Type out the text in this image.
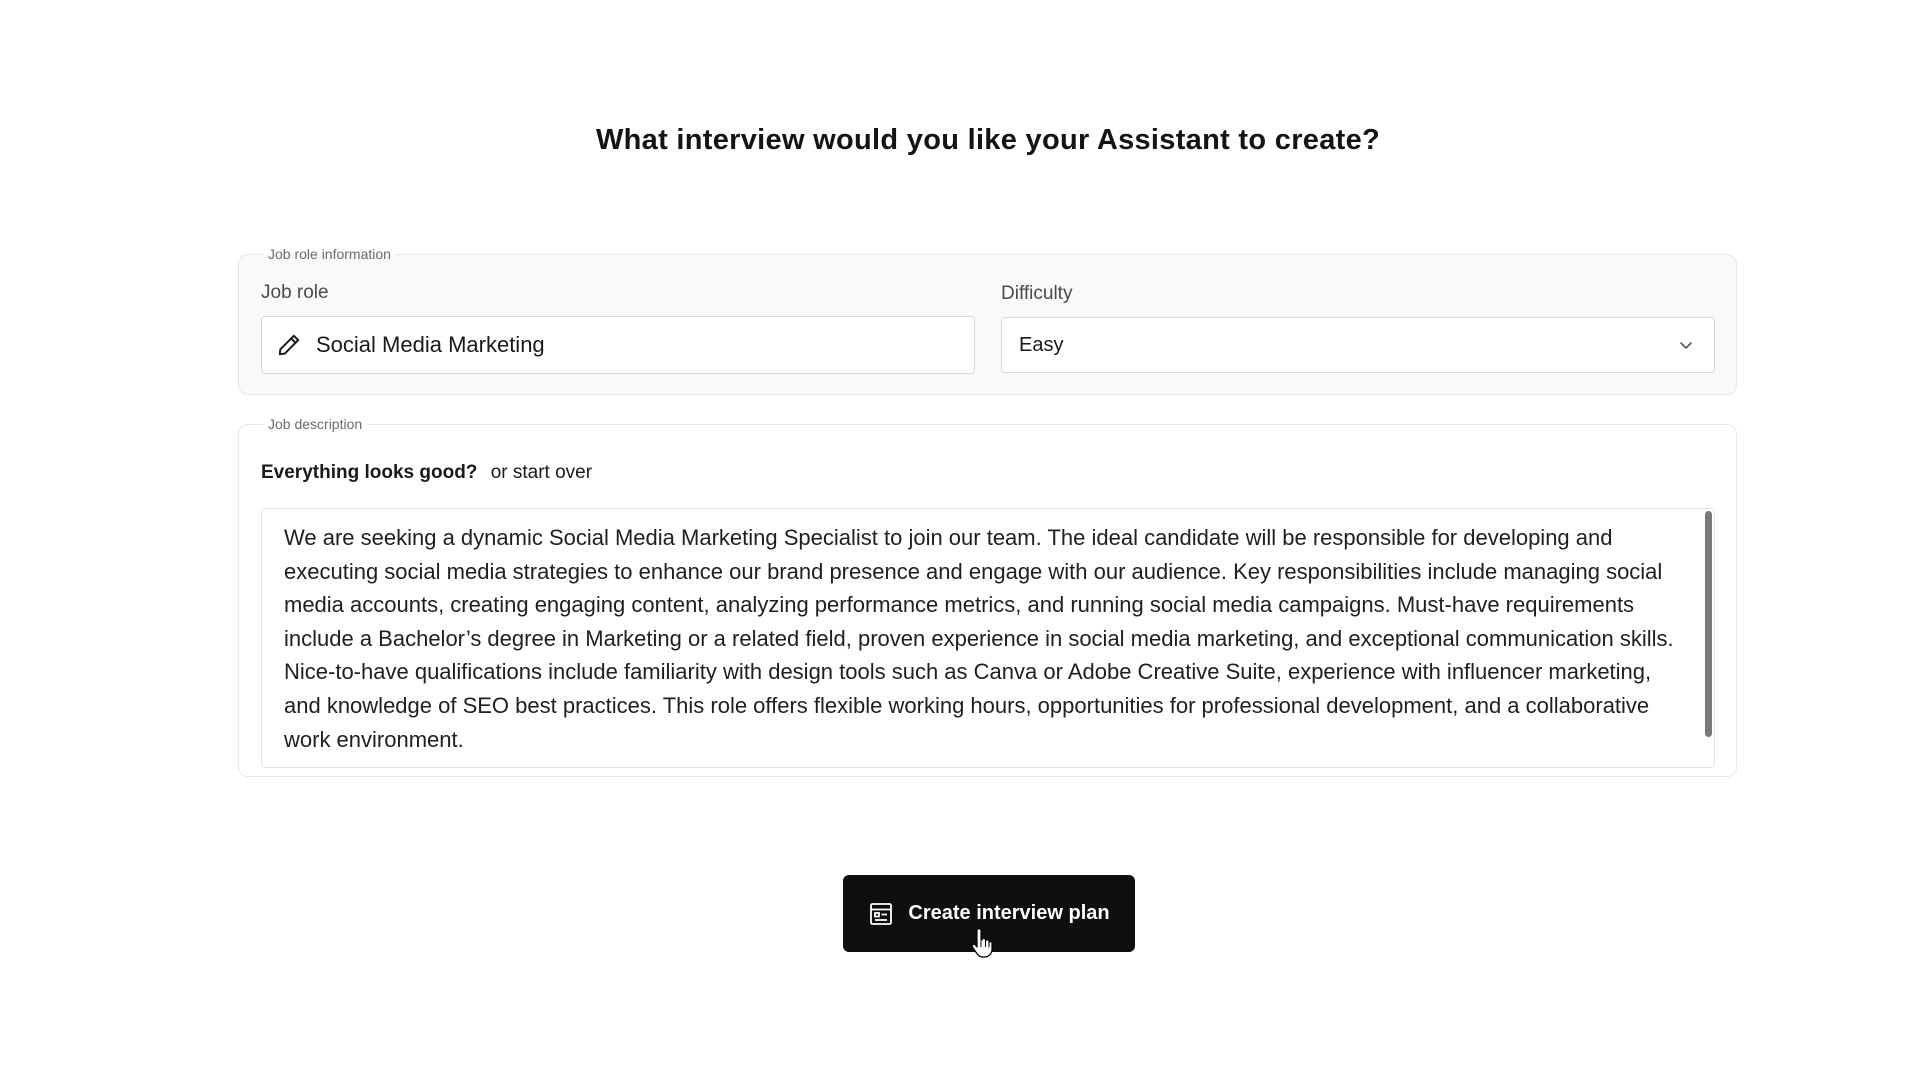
What interview would you like your Assistant to create?
Job role information
Job role
Social Media Marketing
Difficulty
Easy
Job description
Everything looks good? or start over

We are seeking a dynamic Social Media Marketing Specialist to join our team. The ideal candidate will be responsible for developing and executing social media strategies to enhance our brand presence and engage with our audience. Key responsibilities include managing social media accounts, creating engaging content, analyzing performance metrics, and running social media campaigns. Must-have requirements include a Bachelor’s degree in Marketing or a related field, proven experience in social media marketing, and exceptional communication skills. Nice-to-have qualifications include familiarity with design tools such as Canva or Adobe Creative Suite, experience with influencer marketing, and knowledge of SEO best practices. This role offers flexible working hours, opportunities for professional development, and a collaborative work environment.

Create interview plan
